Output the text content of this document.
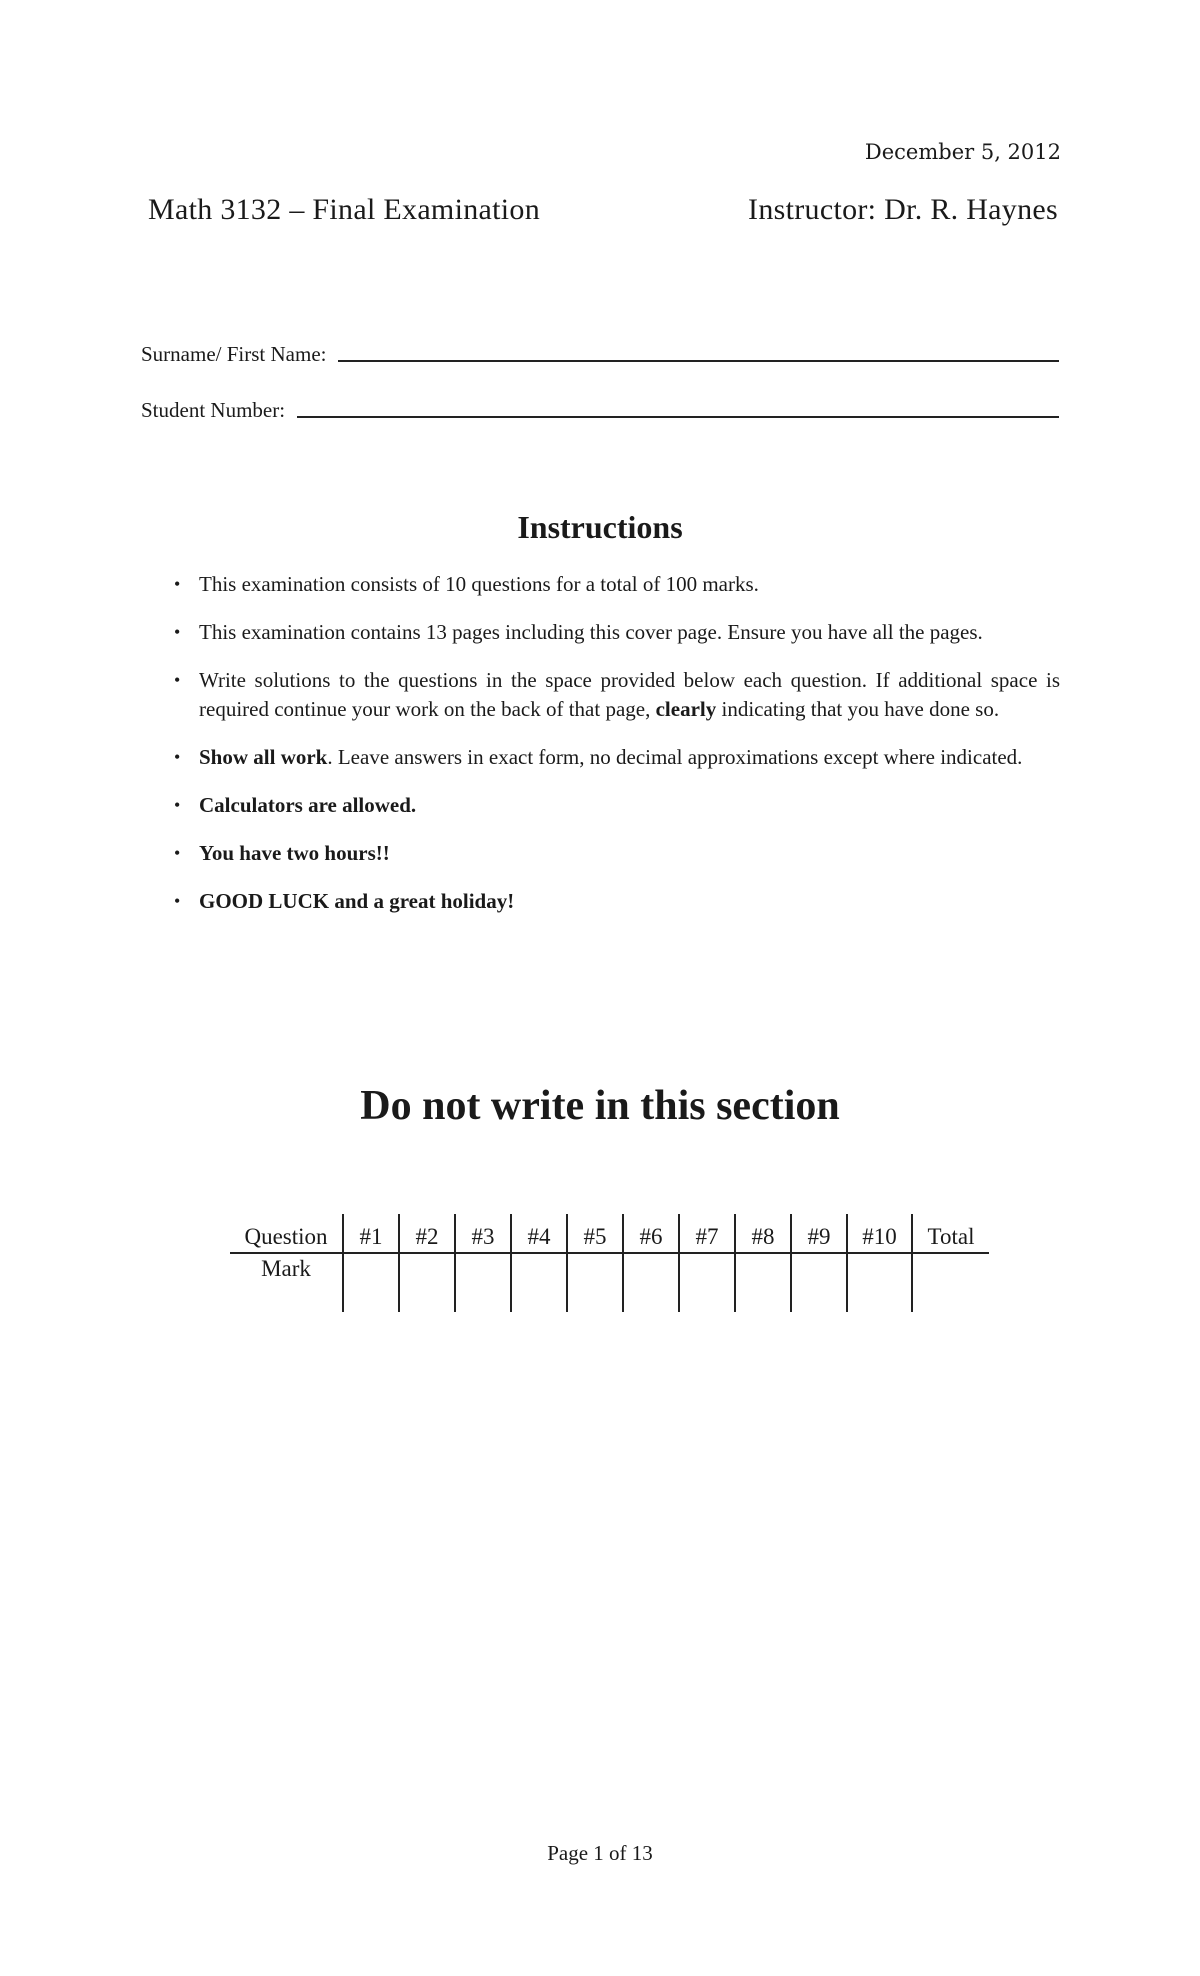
December 5, 2012
Math 3132 – Final Examination	Instructor: Dr. R. Haynes
Surname/ First Name:
Student Number:
Instructions
• This examination consists of 10 questions for a total of 100 marks.
• This examination contains 13 pages including this cover page. Ensure you have all the pages.
• Write solutions to the questions in the space provided below each question. If additional space is required continue your work on the back of that page, clearly indicating that you have done so.
• Show all work. Leave answers in exact form, no decimal approximations except where indicated.
• Calculators are allowed.
• You have two hours!!
• GOOD LUCK and a great holiday!
Do not write in this section
Question	#1	#2	#3	#4	#5	#6	#7	#8	#9	#10	Total
Mark											
Page 1 of 13
